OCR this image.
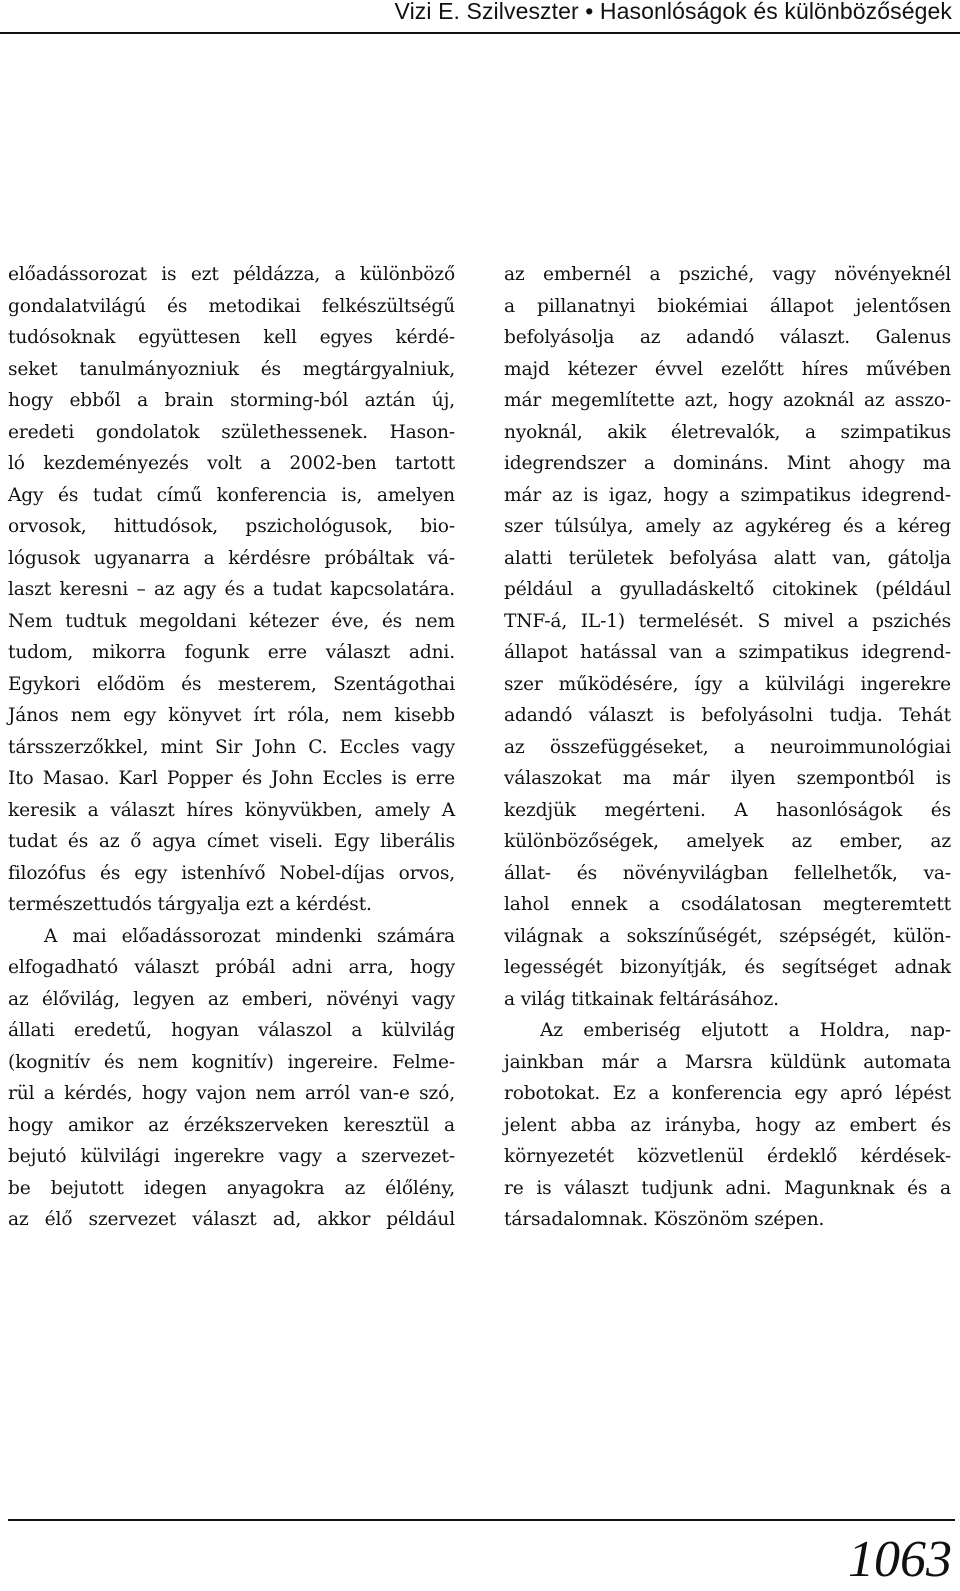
Vizi E. Szilveszter • Hasonlóságok és különbözőségek
előadássorozat is ezt példázza, a különböző
gondalatvilágú és metodikai felkészültségű
tudósoknak együttesen kell egyes kérdé-
seket tanulmányozniuk és megtárgyalniuk,
hogy ebből a brain storming-ból aztán új,
eredeti gondolatok születhessenek. Hason-
ló kezdeményezés volt a 2002-ben tartott
Agy és tudat című konferencia is, amelyen
orvosok, hittudósok, pszichológusok, bio-
lógusok ugyanarra a kérdésre próbáltak vá-
laszt keresni – az agy és a tudat kapcsolatára.
Nem tudtuk megoldani kétezer éve, és nem
tudom, mikorra fogunk erre választ adni.
Egykori elődöm és mesterem, Szentágothai
János nem egy könyvet írt róla, nem kisebb
társszerzőkkel, mint Sir John C. Eccles vagy
Ito Masao. Karl Popper és John Eccles is erre
keresik a választ híres könyvükben, amely A
tudat és az ő agya címet viseli. Egy liberális
filozófus és egy istenhívő Nobel-díjas orvos,
természettudós tárgyalja ezt a kérdést.
A mai előadássorozat mindenki számára
elfogadható választ próbál adni arra, hogy
az élővilág, legyen az emberi, növényi vagy
állati eredetű, hogyan válaszol a külvilág
(kognitív és nem kognitív) ingereire. Felme-
rül a kérdés, hogy vajon nem arról van-e szó,
hogy amikor az érzékszerveken keresztül a
bejutó külvilági ingerekre vagy a szervezet-
be bejutott idegen anyagokra az élőlény,
az élő szervezet választ ad, akkor például
az embernél a psziché, vagy növényeknél
a pillanatnyi biokémiai állapot jelentősen
befolyásolja az adandó választ. Galenus
majd kétezer évvel ezelőtt híres művében
már megemlítette azt, hogy azoknál az asszo-
nyoknál, akik életrevalók, a szimpatikus
idegrendszer a domináns. Mint ahogy ma
már az is igaz, hogy a szimpatikus idegrend-
szer túlsúlya, amely az agykéreg és a kéreg
alatti területek befolyása alatt van, gátolja
például a gyulladáskeltő citokinek (például
TNF-á, IL-1) termelését. S mivel a pszichés
állapot hatással van a szimpatikus idegrend-
szer működésére, így a külvilági ingerekre
adandó választ is befolyásolni tudja. Tehát
az összefüggéseket, a neuroimmunológiai
válaszokat ma már ilyen szempontból is
kezdjük megérteni. A hasonlóságok és
különbözőségek, amelyek az ember, az
állat- és növényvilágban fellelhetők, va-
lahol ennek a csodálatosan megteremtett
világnak a sokszínűségét, szépségét, külön-
legességét bizonyítják, és segítséget adnak
a világ titkainak feltárásához.
Az emberiség eljutott a Holdra, nap-
jainkban már a Marsra küldünk automata
robotokat. Ez a konferencia egy apró lépést
jelent abba az irányba, hogy az embert és
környezetét közvetlenül érdeklő kérdések-
re is választ tudjunk adni. Magunknak és a
társadalomnak. Köszönöm szépen.
1063
